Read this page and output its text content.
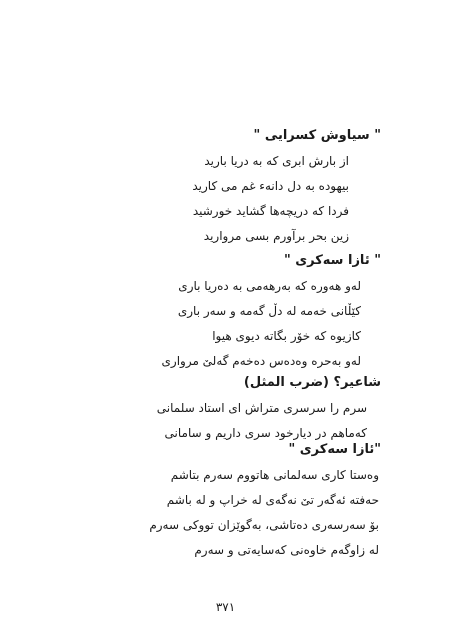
" سیاوش کسرایی "
از بارش ابری که به دریا بارید
بیهوده به دل دانهء غم می کارید
فردا که دریچه‌ها گشاید خورشید
زین بحر برآورم بسی مروارید
" ئازا سەکری "
لەو هەورە کە بەرهەمی بە دەریا باری
کێڵانی خەمە لە دڵ گەمە و سەر باری
کازیوە کە خۆر بگاتە دیوی هیوا
لەو بەحرە وەدەس دەخەم گەلێ مرواری
شاعیر؟ (ضرب المثل)
سرم را سرسری متراش ای استاد سلمانی
کەماهم در دیارخود سری داریم و سامانی
"ئازا سەکری "
وەستا کاری سەلمانی هاتووم سەرم بتاشم
حەفتە ئەگەر تێ نەگەی لە خراپ و لە باشم
بۆ سەرسەری دەتاشی، بەگوێزان تووکی سەرم
لە زاوگەم خاوەنی کەسایەتی و سەرم
٣٧١
